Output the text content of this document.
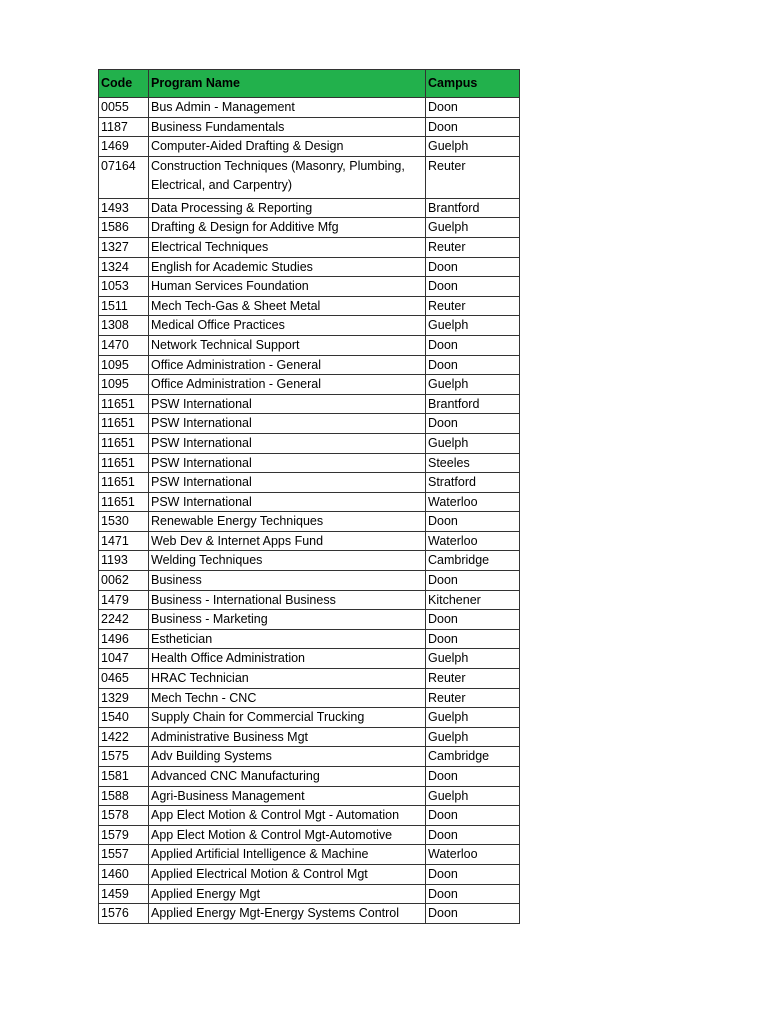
Code	Program Name	Campus
0055	Bus Admin - Management	Doon
1187	Business Fundamentals	Doon
1469	Computer-Aided Drafting & Design	Guelph
07164	Construction Techniques (Masonry, Plumbing, Electrical, and Carpentry)	Reuter
1493	Data Processing & Reporting	Brantford
1586	Drafting & Design for Additive Mfg	Guelph
1327	Electrical Techniques	Reuter
1324	English for Academic Studies	Doon
1053	Human Services Foundation	Doon
1511	Mech Tech-Gas & Sheet Metal	Reuter
1308	Medical Office Practices	Guelph
1470	Network Technical Support	Doon
1095	Office Administration - General	Doon
1095	Office Administration - General	Guelph
11651	PSW International	Brantford
11651	PSW International	Doon
11651	PSW International	Guelph
11651	PSW International	Steeles
11651	PSW International	Stratford
11651	PSW International	Waterloo
1530	Renewable Energy Techniques	Doon
1471	Web Dev & Internet Apps Fund	Waterloo
1193	Welding Techniques	Cambridge
0062	Business	Doon
1479	Business - International Business	Kitchener
2242	Business - Marketing	Doon
1496	Esthetician	Doon
1047	Health Office Administration	Guelph
0465	HRAC Technician	Reuter
1329	Mech Techn - CNC	Reuter
1540	Supply Chain for Commercial Trucking	Guelph
1422	Administrative Business Mgt	Guelph
1575	Adv Building Systems	Cambridge
1581	Advanced CNC Manufacturing	Doon
1588	Agri-Business Management	Guelph
1578	App Elect Motion & Control Mgt - Automation	Doon
1579	App Elect Motion & Control Mgt-Automotive	Doon
1557	Applied Artificial Intelligence & Machine	Waterloo
1460	Applied Electrical Motion & Control Mgt	Doon
1459	Applied Energy Mgt	Doon
1576	Applied Energy Mgt-Energy Systems Control	Doon
